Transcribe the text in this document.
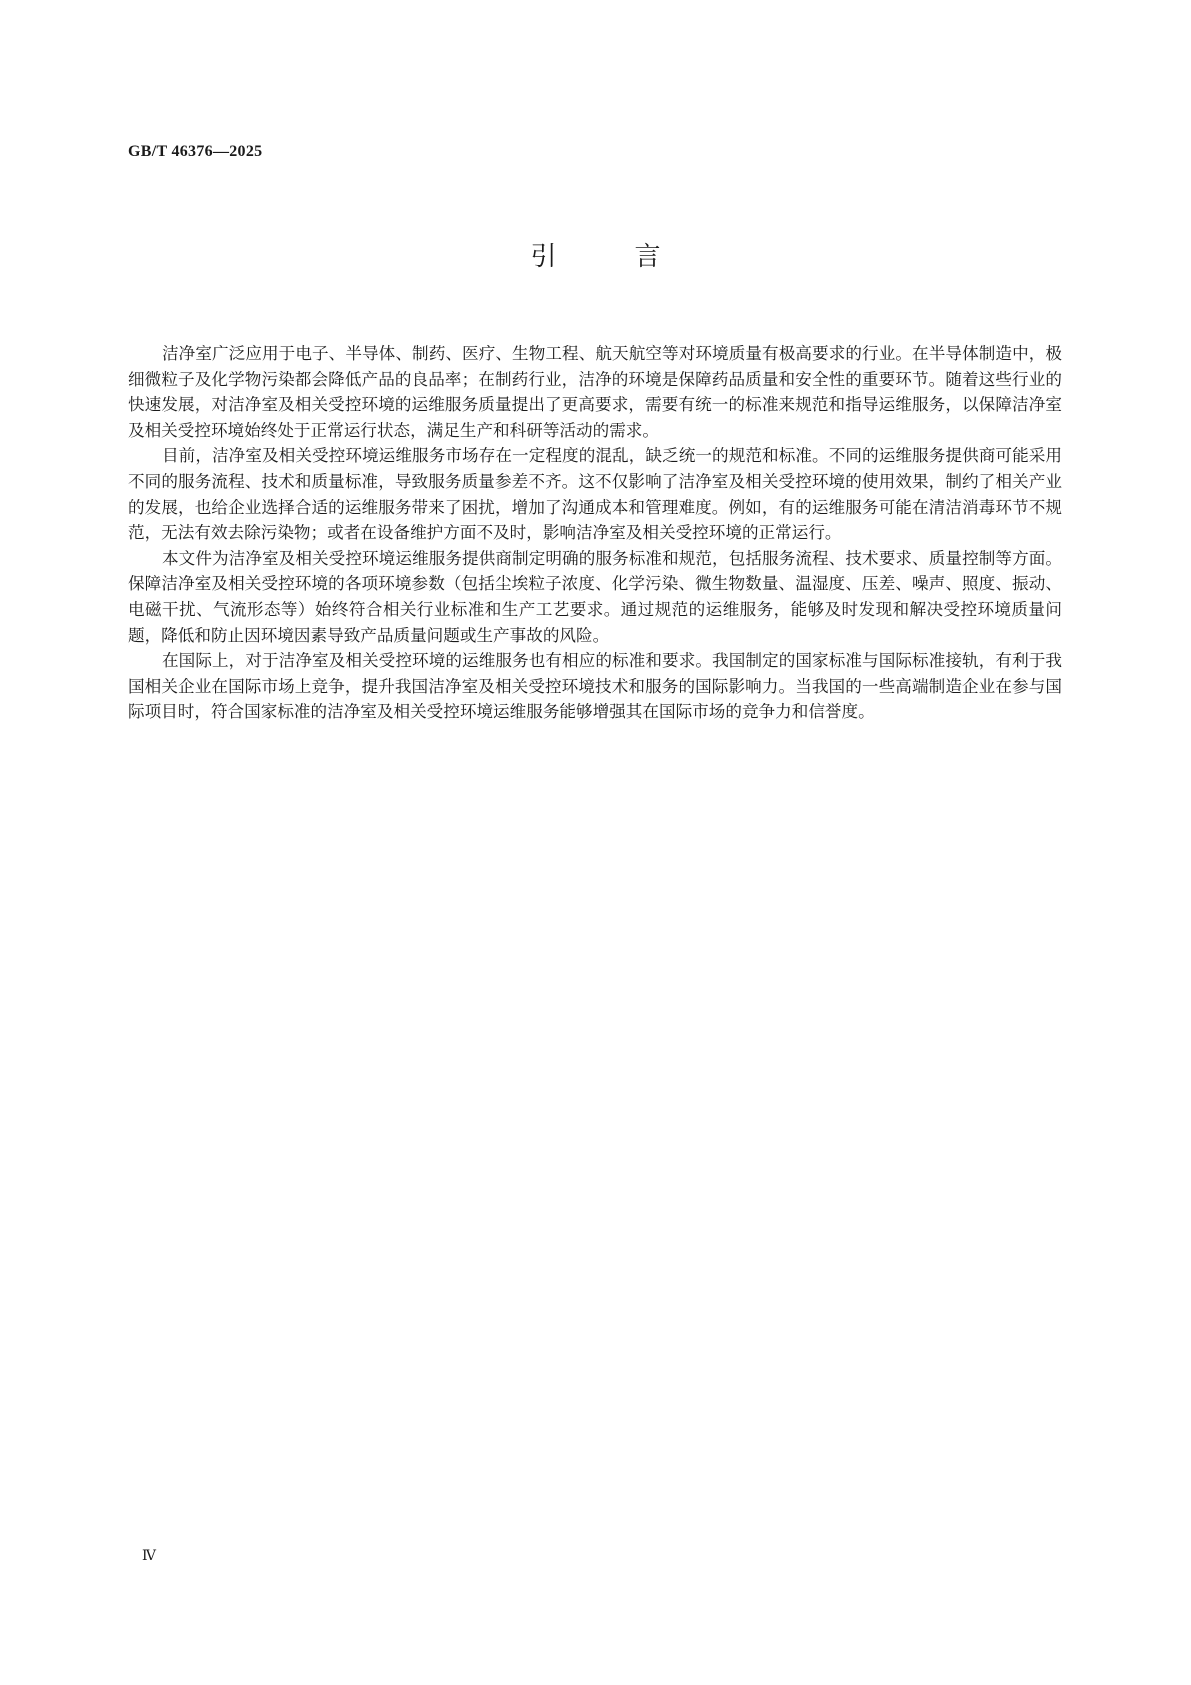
GB/T 46376—2025
引	言

洁净室广泛应用于电子、半导体、制药、医疗、生物工程、航天航空等对环境质量有极高要求的行业。在半导体制造中，极细微粒子及化学物污染都会降低产品的良品率；在制药行业，洁净的环境是保障药品质量和安全性的重要环节。随着这些行业的快速发展，对洁净室及相关受控环境的运维服务质量提出了更高要求，需要有统一的标准来规范和指导运维服务，以保障洁净室及相关受控环境始终处于正常运行状态，满足生产和科研等活动的需求。

目前，洁净室及相关受控环境运维服务市场存在一定程度的混乱，缺乏统一的规范和标准。不同的运维服务提供商可能采用不同的服务流程、技术和质量标准，导致服务质量参差不齐。这不仅影响了洁净室及相关受控环境的使用效果，制约了相关产业的发展，也给企业选择合适的运维服务带来了困扰，增加了沟通成本和管理难度。例如，有的运维服务可能在清洁消毒环节不规范，无法有效去除污染物；或者在设备维护方面不及时，影响洁净室及相关受控环境的正常运行。

本文件为洁净室及相关受控环境运维服务提供商制定明确的服务标准和规范，包括服务流程、技术要求、质量控制等方面。保障洁净室及相关受控环境的各项环境参数（包括尘埃粒子浓度、化学污染、微生物数量、温湿度、压差、噪声、照度、振动、电磁干扰、气流形态等）始终符合相关行业标准和生产工艺要求。通过规范的运维服务，能够及时发现和解决受控环境质量问题，降低和防止因环境因素导致产品质量问题或生产事故的风险。

在国际上，对于洁净室及相关受控环境的运维服务也有相应的标准和要求。我国制定的国家标准与国际标准接轨，有利于我国相关企业在国际市场上竞争，提升我国洁净室及相关受控环境技术和服务的国际影响力。当我国的一些高端制造企业在参与国际项目时，符合国家标准的洁净室及相关受控环境运维服务能够增强其在国际市场的竞争力和信誉度。

Ⅳ
